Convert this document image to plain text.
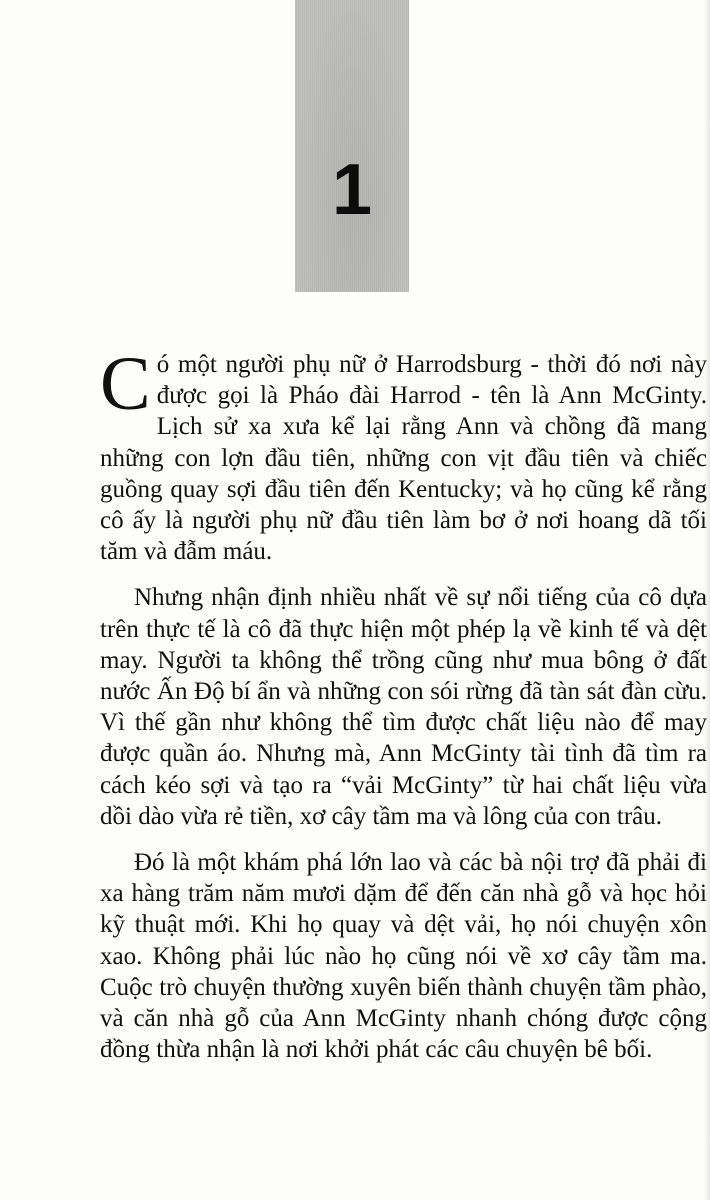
1

Có một người phụ nữ ở Harrodsburg - thời đó nơi này được gọi là Pháo đài Harrod - tên là Ann McGinty. Lịch sử xa xưa kể lại rằng Ann và chồng đã mang những con lợn đầu tiên, những con vịt đầu tiên và chiếc guồng quay sợi đầu tiên đến Kentucky; và họ cũng kể rằng cô ấy là người phụ nữ đầu tiên làm bơ ở nơi hoang dã tối tăm và đẫm máu.

Nhưng nhận định nhiều nhất về sự nổi tiếng của cô dựa trên thực tế là cô đã thực hiện một phép lạ về kinh tế và dệt may. Người ta không thể trồng cũng như mua bông ở đất nước Ấn Độ bí ẩn và những con sói rừng đã tàn sát đàn cừu. Vì thế gần như không thể tìm được chất liệu nào để may được quần áo. Nhưng mà, Ann McGinty tài tình đã tìm ra cách kéo sợi và tạo ra “vải McGinty” từ hai chất liệu vừa dồi dào vừa rẻ tiền, xơ cây tầm ma và lông của con trâu.

Đó là một khám phá lớn lao và các bà nội trợ đã phải đi xa hàng trăm năm mươi dặm để đến căn nhà gỗ và học hỏi kỹ thuật mới. Khi họ quay và dệt vải, họ nói chuyện xôn xao. Không phải lúc nào họ cũng nói về xơ cây tầm ma. Cuộc trò chuyện thường xuyên biến thành chuyện tầm phào, và căn nhà gỗ của Ann McGinty nhanh chóng được cộng đồng thừa nhận là nơi khởi phát các câu chuyện bê bối.
